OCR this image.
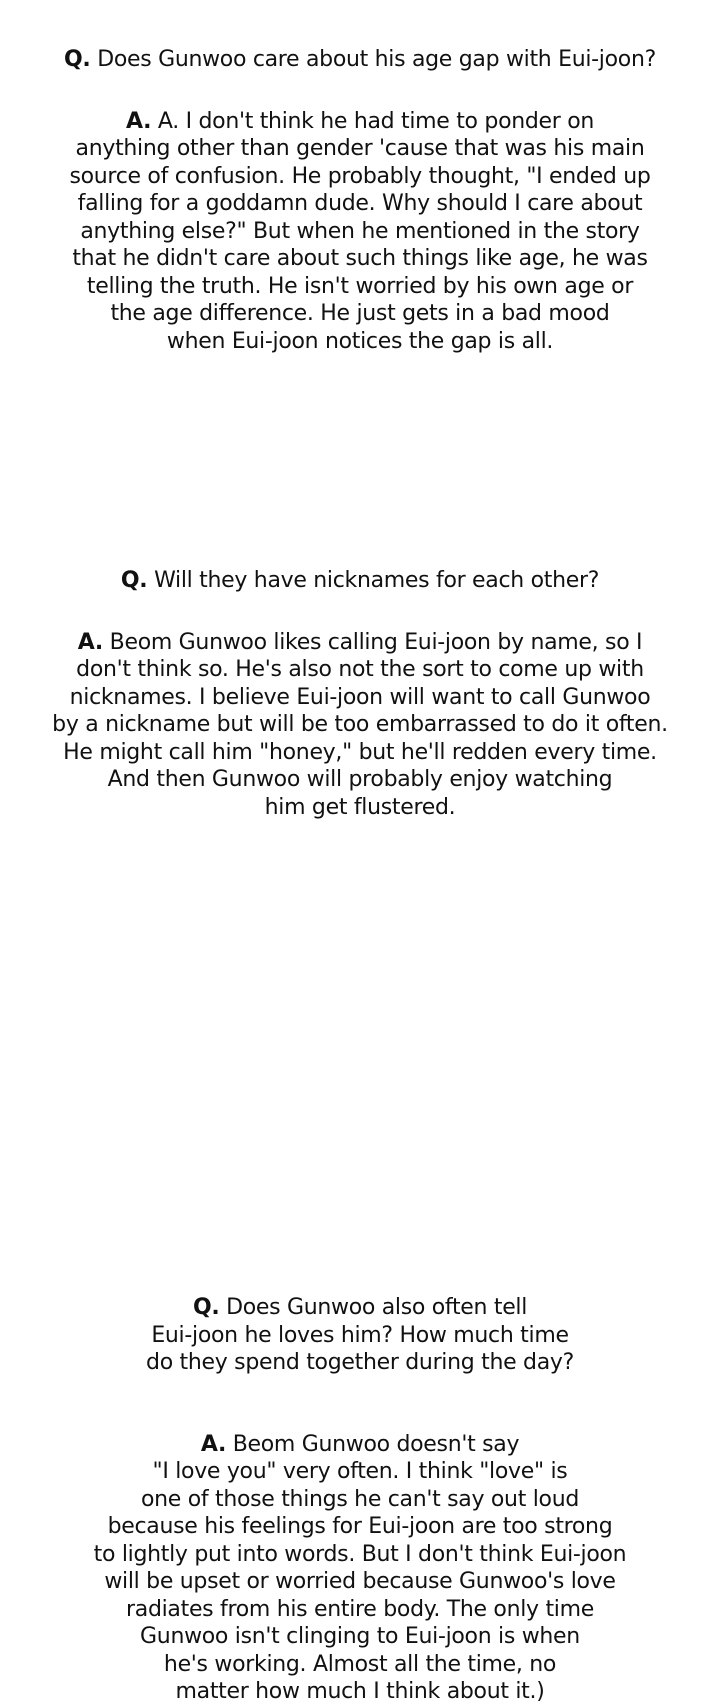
Q. Does Gunwoo care about his age gap with Eui-joon?
A. A. I don't think he had time to ponder on
anything other than gender 'cause that was his main
source of confusion. He probably thought, "I ended up
falling for a goddamn dude. Why should I care about
anything else?" But when he mentioned in the story
that he didn't care about such things like age, he was
telling the truth. He isn't worried by his own age or
the age difference. He just gets in a bad mood
when Eui-joon notices the gap is all.
Q. Will they have nicknames for each other?
A. Beom Gunwoo likes calling Eui-joon by name, so I
don't think so. He's also not the sort to come up with
nicknames. I believe Eui-joon will want to call Gunwoo
by a nickname but will be too embarrassed to do it often.
He might call him "honey," but he'll redden every time.
And then Gunwoo will probably enjoy watching
him get flustered.
Q. Does Gunwoo also often tell
Eui-joon he loves him? How much time
do they spend together during the day?
A. Beom Gunwoo doesn't say
"I love you" very often. I think "love" is
one of those things he can't say out loud
because his feelings for Eui-joon are too strong
to lightly put into words. But I don't think Eui-joon
will be upset or worried because Gunwoo's love
radiates from his entire body. The only time
Gunwoo isn't clinging to Eui-joon is when
he's working. Almost all the time, no
matter how much I think about it.)
